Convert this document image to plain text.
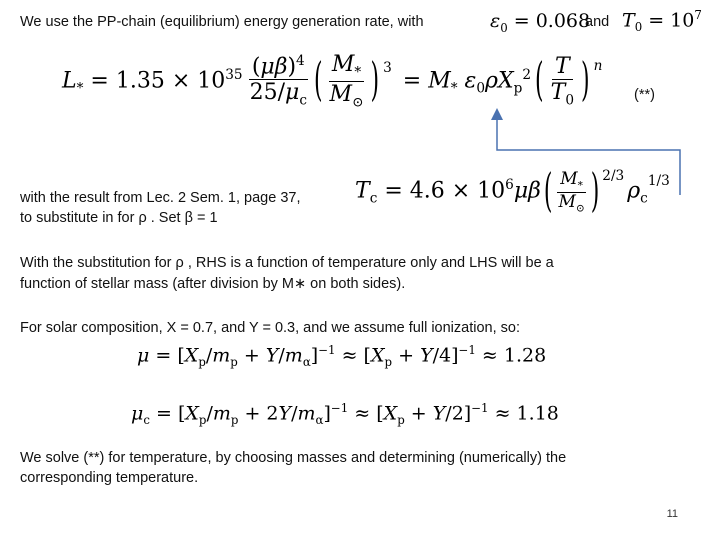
We use the PP-chain (equilibrium) energy generation rate, with	$\varepsilon_0 = 0.068$
and $T_0 = 10^7$
$L_* = 1.35 \times 10^{35} \frac{(\mu\beta)^4}{25/\mu_c}$ ( $\frac{M_*}{M_⊙}$ ) $^3$
= $M_*$ $\varepsilon_0\rho X_p^2$ ( $\frac{T}{T_0}$ ) $^n$
(**)
with the result from Lec. 2 Sem. 1, page 37,
to substitute in for ρ . Set β = 1
$T_c = 4.6 \times 10^6\mu\beta$ ( $\frac{M_*}{M_⊙} )^{2/3}$
$\rho_c^{1/3}$
With the substitution for ρ , RHS is a function of temperature only and LHS will be a
function of stellar mass (after division by M∗ on both sides).
For solar composition, X = 0.7, and Y = 0.3, and we assume full ionization, so:
$\mu = [X_p/m_p + Y/m_\alpha]^{-1} \approx [X_p + Y/4]^{-1} \approx 1.28$
$\mu_c = [X_p/m_p + 2Y/m_\alpha]^{-1} \approx [X_p + Y/2]^{-1} \approx 1.18$
We solve (**) for temperature, by choosing masses and determining (numerically) the
corresponding temperature.
11
